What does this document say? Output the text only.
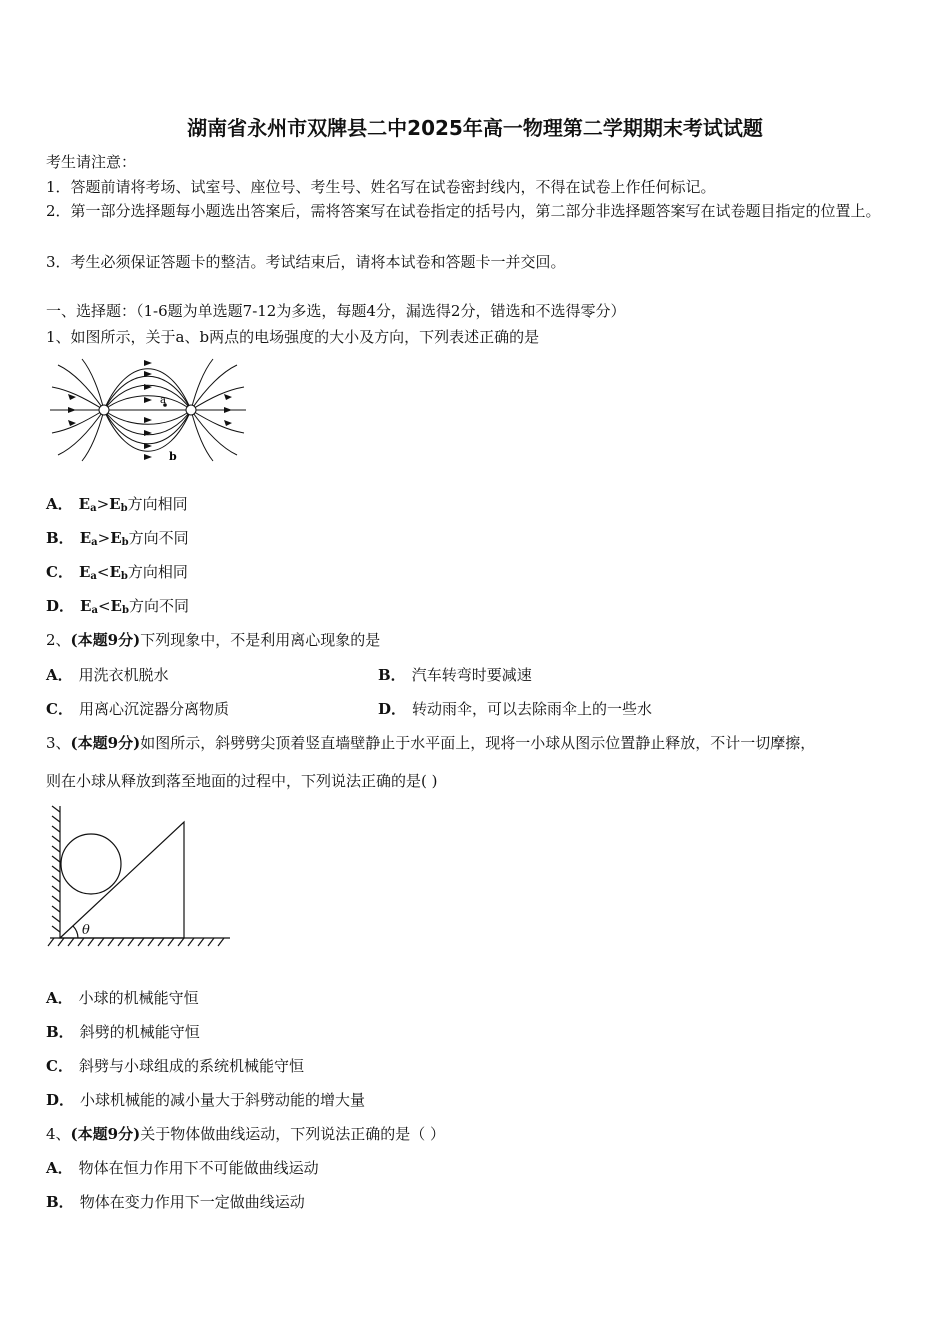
湖南省永州市双牌县二中2025年高一物理第二学期期末考试试题
考生请注意：
1．答题前请将考场、试室号、座位号、考生号、姓名写在试卷密封线内，不得在试卷上作任何标记。
2．第一部分选择题每小题选出答案后，需将答案写在试卷指定的括号内，第二部分非选择题答案写在试卷题目指定的位置上。
3．考生必须保证答题卡的整洁。考试结束后，请将本试卷和答题卡一并交回。
一、选择题：（1-6题为单选题7-12为多选，每题4分，漏选得2分，错选和不选得零分）
1、如图所示，关于a、b两点的电场强度的大小及方向，下列表述正确的是
a
b
A． $E_a>E_b$方向相同
B． $E_a>E_b$方向不同
C． $E_a<E_b$方向相同
D． $E_a<E_b$方向不同
2、(本题9分)下列现象中，不是利用离心现象的是
A． 用洗衣机脱水	B． 汽车转弯时要减速
C． 用离心沉淀器分离物质	D． 转动雨伞，可以去除雨伞上的一些水
3、(本题9分)如图所示，斜劈劈尖顶着竖直墙壁静止于水平面上，现将一小球从图示位置静止释放，不计一切摩擦，
则在小球从释放到落至地面的过程中，下列说法正确的是( )
θ
A． 小球的机械能守恒
B． 斜劈的机械能守恒
C． 斜劈与小球组成的系统机械能守恒
D． 小球机械能的减小量大于斜劈动能的增大量
4、(本题9分)关于物体做曲线运动，下列说法正确的是（ ）
A． 物体在恒力作用下不可能做曲线运动
B． 物体在变力作用下一定做曲线运动
